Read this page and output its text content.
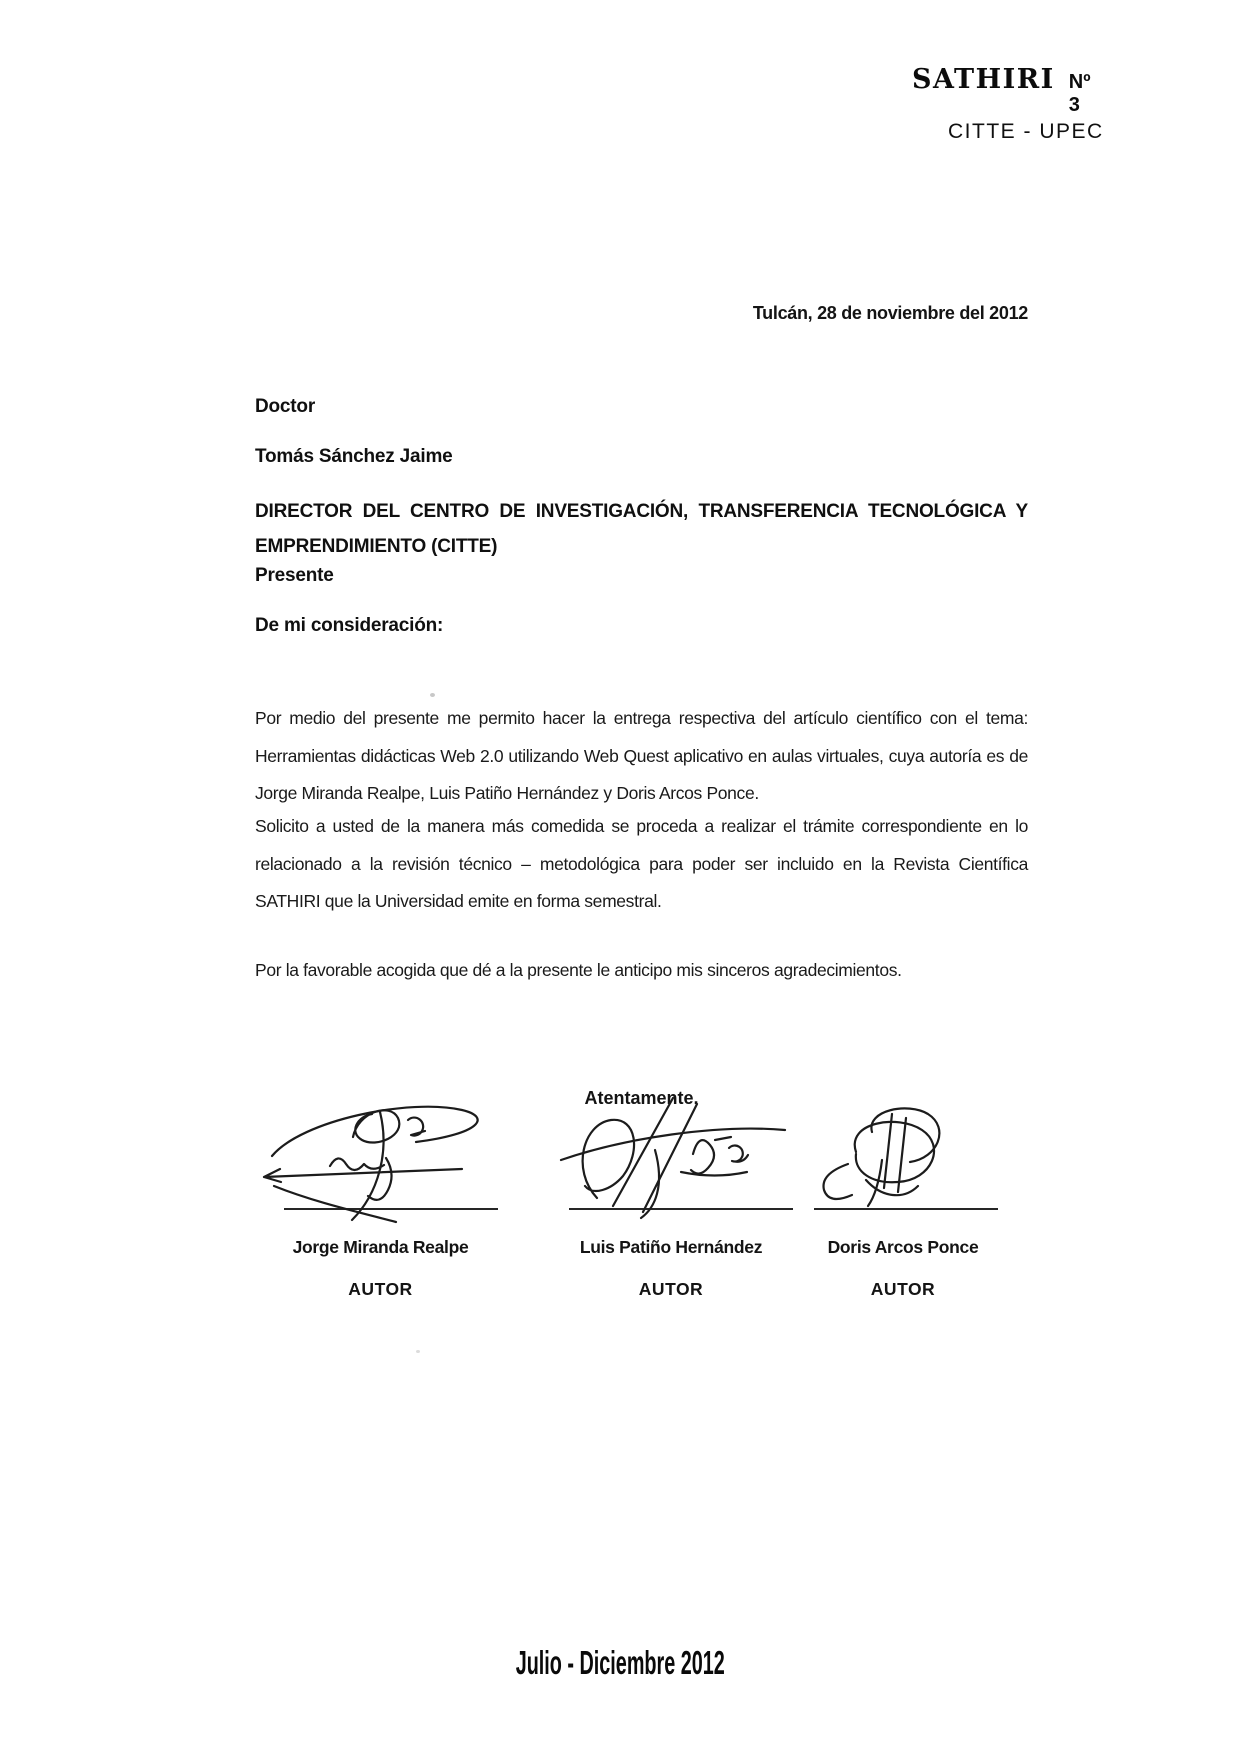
SATHIRI Nº 3
CITTE - UPEC
Tulcán, 28 de noviembre del 2012
Doctor
Tomás Sánchez Jaime
DIRECTOR DEL CENTRO DE INVESTIGACIÓN, TRANSFERENCIA TECNOLÓGICA Y
EMPRENDIMIENTO (CITTE)
Presente
De mi consideración:
Por medio del presente me permito hacer la entrega respectiva del artículo científico con el tema: Herramientas didácticas Web 2.0 utilizando Web Quest aplicativo en aulas virtuales, cuya autoría es de Jorge Miranda Realpe, Luis Patiño Hernández y Doris Arcos Ponce.
Solicito a usted de la manera más comedida se proceda a realizar el trámite correspondiente en lo relacionado a la revisión técnico – metodológica para poder ser incluido en la Revista Científica SATHIRI que la Universidad emite en forma semestral.
Por la favorable acogida que dé a la presente le anticipo mis sinceros agradecimientos.
Atentamente,
Jorge Miranda Realpe
AUTOR
Luis Patiño Hernández
AUTOR
Doris Arcos Ponce
AUTOR
Julio - Diciembre 2012
